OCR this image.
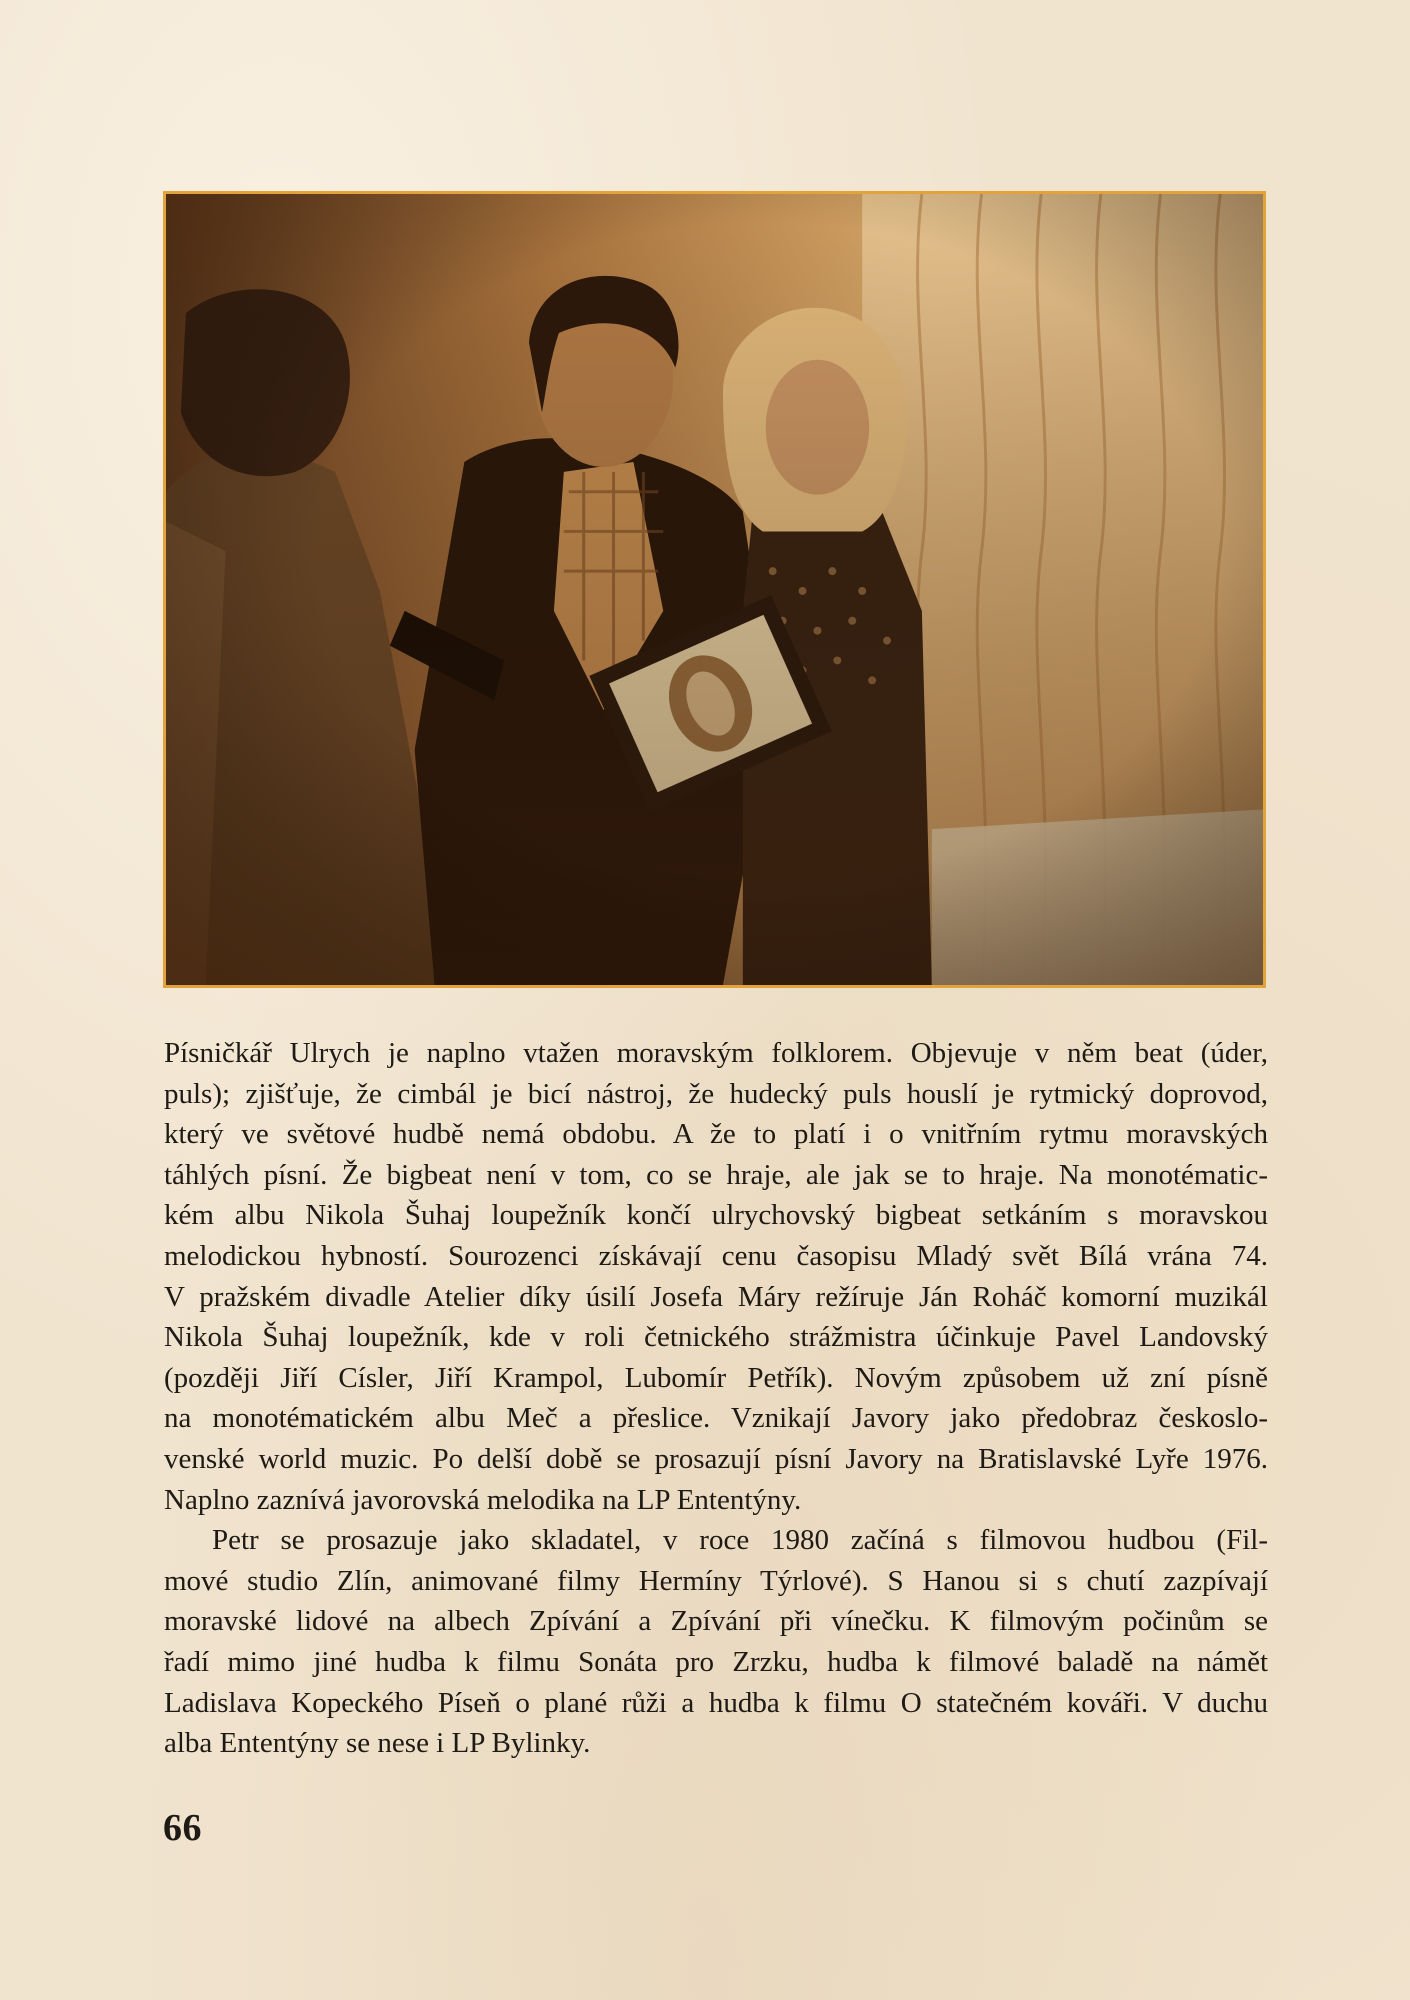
Písničkář Ulrych je naplno vtažen moravským folklorem. Objevuje v něm beat (úder,
puls); zjišťuje, že cimbál je bicí nástroj, že hudecký puls houslí je rytmický doprovod,
který ve světové hudbě nemá obdobu. A že to platí i o vnitřním rytmu moravských
táhlých písní. Že bigbeat není v tom, co se hraje, ale jak se to hraje. Na monotématic-
kém albu Nikola Šuhaj loupežník končí ulrychovský bigbeat setkáním s moravskou
melodickou hybností. Sourozenci získávají cenu časopisu Mladý svět Bílá vrána 74.
V pražském divadle Atelier díky úsilí Josefa Máry režíruje Ján Roháč komorní muzikál
Nikola Šuhaj loupežník, kde v roli četnického strážmistra účinkuje Pavel Landovský
(později Jiří Císler, Jiří Krampol, Lubomír Petřík). Novým způsobem už zní písně
na monotématickém albu Meč a přeslice. Vznikají Javory jako předobraz českoslo-
venské world muzic. Po delší době se prosazují písní Javory na Bratislavské Lyře 1976.
Naplno zaznívá javorovská melodika na LP Ententýny.

Petr se prosazuje jako skladatel, v roce 1980 začíná s filmovou hudbou (Fil-
mové studio Zlín, animované filmy Hermíny Týrlové). S Hanou si s chutí zazpívají
moravské lidové na albech Zpívání a Zpívání při vínečku. K filmovým počinům se
řadí mimo jiné hudba k filmu Sonáta pro Zrzku, hudba k filmové baladě na námět
Ladislava Kopeckého Píseň o plané růži a hudba k filmu O statečném kováři. V duchu
alba Ententýny se nese i LP Bylinky.

66
